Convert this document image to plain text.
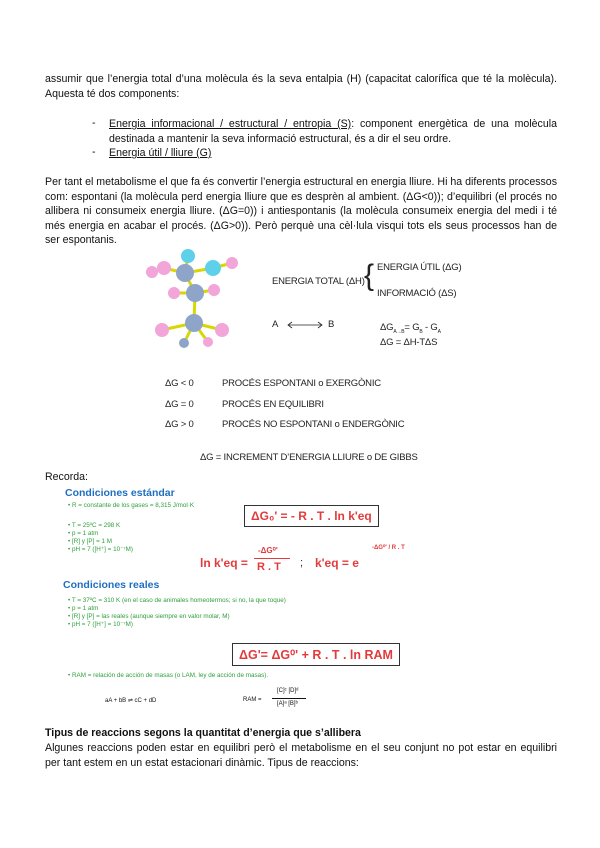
assumir que l’energia total d’una molècula és la seva entalpia (H) (capacitat calorífica que té la molècula). Aquesta té dos components:
- Energia informacional / estructural / entropia (S): component energètica de una molècula destinada a mantenir la seva informació estructural, és a dir el seu ordre.
- Energia útil / lliure (G)
Per tant el metabolisme el que fa és convertir l’energia estructural en energia lliure. Hi ha diferents processos com: espontani (la molècula perd energia lliure que es desprèn al ambient. (ΔG<0)); d’equilibri (el procés no allibera ni consumeix energia lliure. (ΔG=0)) i antiespontanis (la molècula consumeix energia del medi i té més energia en acabar el procés. (ΔG>0)). Però perquè una cèl·lula visqui tots els seus processos han de ser espontanis.
ENERGIA TOTAL (ΔH) { ENERGIA ÚTIL (ΔG)
INFORMACIÓ (ΔS)
A	B	$\Delta G_{A\to B}= G_B - G_A$
ΔG = ΔH-TΔS
ΔG < 0	PROCÉS ESPONTANI o EXERGÒNIC
ΔG = 0	PROCÉS EN EQUILIBRI
ΔG > 0	PROCÉS NO ESPONTANI o ENDERGÒNIC
ΔG = INCREMENT D’ENERGIA LLIURE o DE GIBBS
Recorda:
Condiciones estándar
• R = constante de los gases = 8,315 J/mol·K
• T = 25ºC = 298 K
• p = 1 atm
• [R] y [P] = 1 M
• pH = 7 ([H⁺] = 10⁻⁷M)
ΔG₀' = - R . T . ln k'eq
ln k'eq =
-ΔG⁰'
R . T ; k'eq = e
-ΔG⁰' / R . T
Condiciones reales
• T = 37ºC = 310 K (en el caso de animales homeotermos; si no, la que toque)
• p = 1 atm
• [R] y [P] = las reales (aunque siempre en valor molar, M)
• pH = 7 ([H⁺] = 10⁻⁷M)
ΔG'= ΔG⁰' + R . T . ln RAM
• RAM = relación de acción de masas (o LAM, ley de acción de masas).
aA + bB ⇌ cC + dD	RAM =
[C]ᶜ [D]ᵈ
[A]ᵃ [B]ᵇ
Tipus de reaccions segons la quantitat d’energia que s’allibera
Algunes reaccions poden estar en equilibri però el metabolisme en el seu conjunt no pot estar en equilibri per tant estem en un estat estacionari dinàmic. Tipus de reaccions:
